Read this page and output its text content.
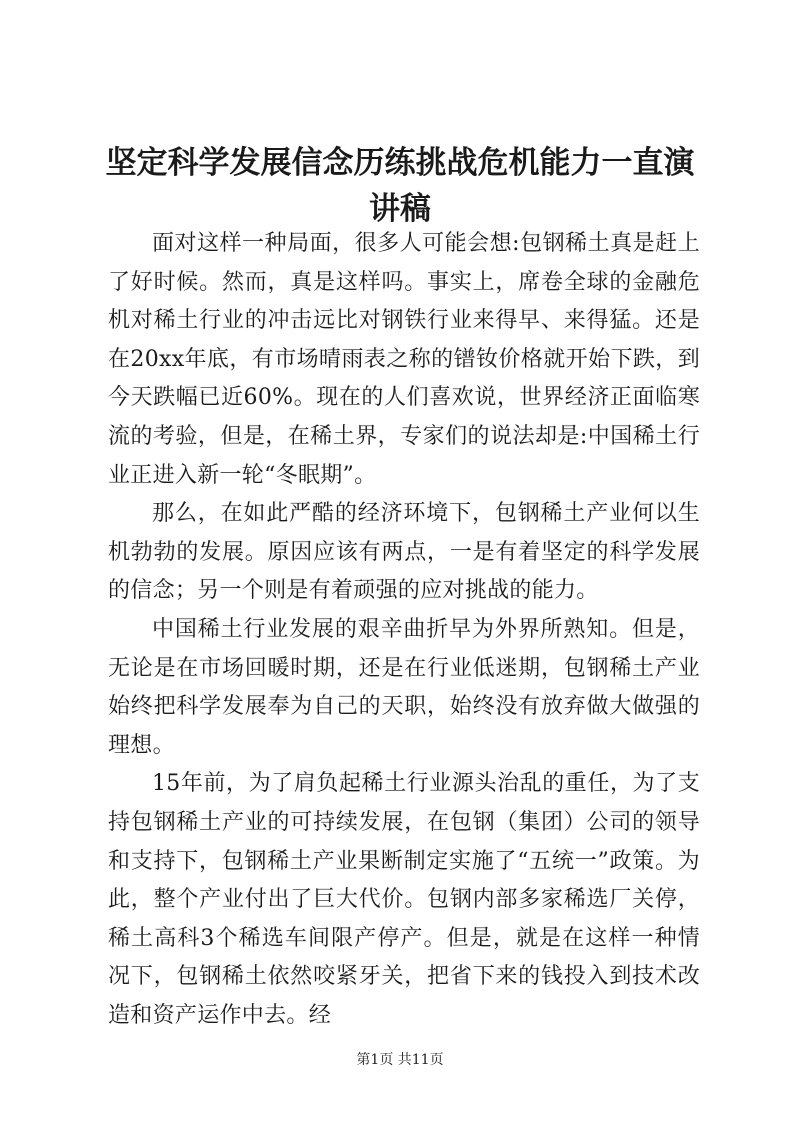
坚定科学发展信念历练挑战危机能力一直演讲稿

面对这样一种局面，很多人可能会想:包钢稀土真是赶上了好时候。然而，真是这样吗。事实上，席卷全球的金融危机对稀土行业的冲击远比对钢铁行业来得早、来得猛。还是在20xx年底，有市场晴雨表之称的镨钕价格就开始下跌，到今天跌幅已近60%。现在的人们喜欢说，世界经济正面临寒流的考验，但是，在稀土界，专家们的说法却是:中国稀土行业正进入新一轮“冬眠期”。

那么，在如此严酷的经济环境下，包钢稀土产业何以生机勃勃的发展。原因应该有两点，一是有着坚定的科学发展的信念；另一个则是有着顽强的应对挑战的能力。

中国稀土行业发展的艰辛曲折早为外界所熟知。但是，无论是在市场回暖时期，还是在行业低迷期，包钢稀土产业始终把科学发展奉为自己的天职，始终没有放弃做大做强的理想。

15年前，为了肩负起稀土行业源头治乱的重任，为了支持包钢稀土产业的可持续发展，在包钢（集团）公司的领导和支持下，包钢稀土产业果断制定实施了“五统一”政策。为此，整个产业付出了巨大代价。包钢内部多家稀选厂关停，稀土高科3个稀选车间限产停产。但是，就是在这样一种情况下，包钢稀土依然咬紧牙关，把省下来的钱投入到技术改造和资产运作中去。经

第1页 共11页
